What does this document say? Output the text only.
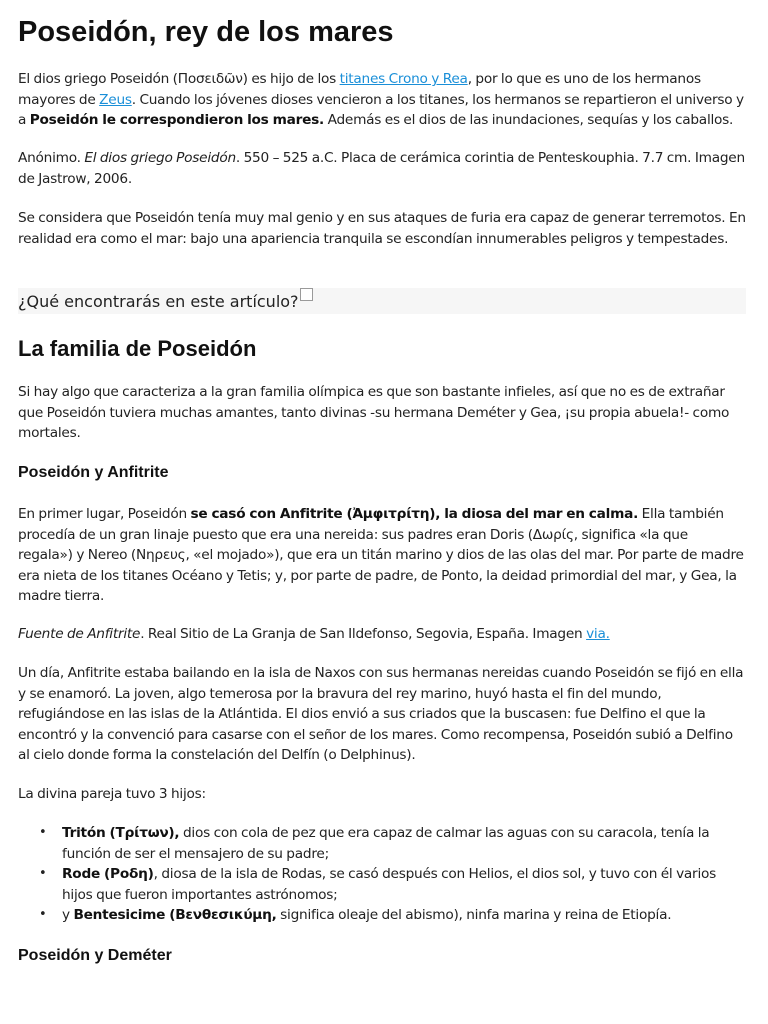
Poseidón, rey de los mares

El dios griego Poseidón (Ποσειδῶν) es hijo de los titanes Crono y Rea, por lo que es uno de los hermanos mayores de Zeus. Cuando los jóvenes dioses vencieron a los titanes, los hermanos se repartieron el universo y a Poseidón le correspondieron los mares. Además es el dios de las inundaciones, sequías y los caballos.

Anónimo. El dios griego Poseidón. 550 – 525 a.C. Placa de cerámica corintia de Penteskouphia. 7.7 cm. Imagen de Jastrow, 2006.

Se considera que Poseidón tenía muy mal genio y en sus ataques de furia era capaz de generar terremotos. En realidad era como el mar: bajo una apariencia tranquila se escondían innumerables peligros y tempestades.

¿Qué encontrarás en este artículo?
La familia de Poseidón

Si hay algo que caracteriza a la gran familia olímpica es que son bastante infieles, así que no es de extrañar que Poseidón tuviera muchas amantes, tanto divinas -su hermana Deméter y Gea, ¡su propia abuela!- como mortales.

Poseidón y Anfitrite

En primer lugar, Poseidón se casó con Anfitrite (Ἀμφιτρίτη), la diosa del mar en calma. Ella también procedía de un gran linaje puesto que era una nereida: sus padres eran Doris (Δωρίς, significa «la que regala») y Nereo (Νηρευς, «el mojado»), que era un titán marino y dios de las olas del mar. Por parte de madre era nieta de los titanes Océano y Tetis; y, por parte de padre, de Ponto, la deidad primordial del mar, y Gea, la madre tierra.

Fuente de Anfitrite. Real Sitio de La Granja de San Ildefonso, Segovia, España. Imagen via.

Un día, Anfitrite estaba bailando en la isla de Naxos con sus hermanas nereidas cuando Poseidón se fijó en ella y se enamoró. La joven, algo temerosa por la bravura del rey marino, huyó hasta el fin del mundo, refugiándose en las islas de la Atlántida. El dios envió a sus criados que la buscasen: fue Delfino el que la encontró y la convenció para casarse con el señor de los mares. Como recompensa, Poseidón subió a Delfino al cielo donde forma la constelación del Delfín (o Delphinus).

La divina pareja tuvo 3 hijos:

• Tritón (Τρίτων), dios con cola de pez que era capaz de calmar las aguas con su caracola, tenía la función de ser el mensajero de su padre;
• Rode (Ροδη), diosa de la isla de Rodas, se casó después con Helios, el dios sol, y tuvo con él varios hijos que fueron importantes astrónomos;
• y Bentesicime (Βενθεσικύμη, significa oleaje del abismo), ninfa marina y reina de Etiopía.
Poseidón y Deméter
